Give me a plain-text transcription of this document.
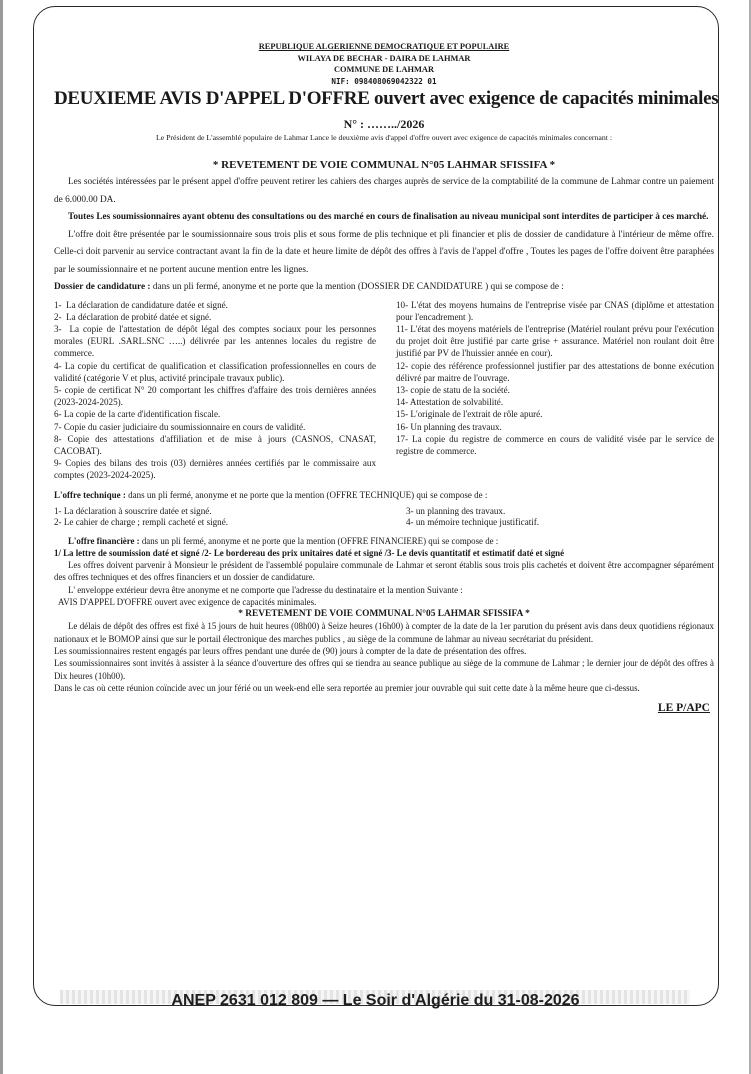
REPUBLIQUE ALGERIENNE DEMOCRATIQUE ET POPULAIRE
WILAYA DE BECHAR - DAIRA DE LAHMAR
COMMUNE DE LAHMAR
NIF: 098408069042322 01
DEUXIEME AVIS D'APPEL D'OFFRE ouvert avec exigence de capacités minimales
N° : ……../2026
Le Président de L'assemblé populaire de Lahmar Lance le deuxième avis d'appel d'offre ouvert avec exigence de capacités minimales concernant :
* REVETEMENT DE VOIE COMMUNAL N°05 LAHMAR SFISSIFA *

Les sociétés intéressées par le présent appel d'offre peuvent retirer les cahiers des charges auprès de service de la comptabilité de la commune de Lahmar contre un paiement de 6.000.00 DA.

Toutes Les soumissionnaires ayant obtenu des consultations ou des marché en cours de finalisation au niveau municipal sont interdites de participer à ces marché.

L'offre doit être présentée par le soumissionnaire sous trois plis et sous forme de plis technique et pli financier et plis de dossier de candidature à l'intérieur de même offre. Celle-ci doit parvenir au service contractant avant la fin de la date et heure limite de dépôt des offres à l'avis de l'appel d'offre , Toutes les pages de l'offre doivent être paraphées par le soumissionnaire et ne portent aucune mention entre les lignes.

Dossier de candidature : dans un pli fermé, anonyme et ne porte que la mention (DOSSIER DE CANDIDATURE ) qui se compose de :

1- La déclaration de candidature datée et signé.
2- La déclaration de probité datée et signé.
3- La copie de l'attestation de dépôt légal des comptes sociaux pour les personnes morales (EURL .SARL.SNC …..) délivrée par les antennes locales du registre de commerce.
4- La copie du certificat de qualification et classification professionnelles en cours de validité (catégorie V et plus, activité principale travaux public).
5- copie de certificat N° 20 comportant les chiffres d'affaire des trois dernières années (2023-2024-2025).
6- La copie de la carte d'identification fiscale.
7- Copie du casier judiciaire du soumissionnaire en cours de validité.
8- Copie des attestations d'affiliation et de mise à jours (CASNOS, CNASAT, CACOBAT).
9- Copies des bilans des trois (03) dernières années certifiés par le commissaire aux comptes (2023-2024-2025).
10- L'état des moyens humains de l'entreprise visée par CNAS (diplôme et attestation pour l'encadrement ).
11- L'état des moyens matériels de l'entreprise (Matériel roulant prévu pour l'exécution du projet doit être justifié par carte grise + assurance. Matériel non roulant doit être justifié par PV de l'huissier année en cour).
12- copie des référence professionnel justifier par des attestations de bonne exécution délivré par maitre de l'ouvrage.
13- copie de statu de la société.
14- Attestation de solvabilité.
15- L'originale de l'extrait de rôle apuré.
16- Un planning des travaux.
17- La copie du registre de commerce en cours de validité visée par le service de registre de commerce.

L'offre technique : dans un pli fermé, anonyme et ne porte que la mention (OFFRE TECHNIQUE) qui se compose de :

1- La déclaration à souscrire datée et signé.	3- un planning des travaux.
2- Le cahier de charge ; rempli cacheté et signé.	4- un mémoire technique justificatif.

L'offre financière : dans un pli fermé, anonyme et ne porte que la mention (OFFRE FINANCIERE) qui se compose de :

1/ La lettre de soumission daté et signé /2- Le bordereau des prix unitaires daté et signé /3- Le devis quantitatif et estimatif daté et signé

Les offres doivent parvenir à Monsieur le président de l'assemblé populaire communale de Lahmar et seront établis sous trois plis cachetés et doivent être accompagner séparément des offres techniques et des offres financiers et un dossier de candidature.

L' enveloppe extérieur devra être anonyme et ne comporte que l'adresse du destinataire et la mention Suivante :

AVIS D'APPEL D'OFFRE ouvert avec exigence de capacités minimales.

* REVETEMENT DE VOIE COMMUNAL N°05 LAHMAR SFISSIFA *

Le délais de dépôt des offres est fixé à 15 jours de huit heures (08h00) à Seize heures (16h00) à compter de la date de la 1er parution du présent avis dans deux quotidiens régionaux nationaux et le BOMOP ainsi que sur le portail électronique des marches publics , au siège de la commune de lahmar au niveau secrétariat du président.

Les soumissionnaires restent engagés par leurs offres pendant une durée de (90) jours à compter de la date de présentation des offres.

Les soumissionnaires sont invités à assister à la séance d'ouverture des offres qui se tiendra au seance publique au siège de la commune de Lahmar ; le dernier jour de dépôt des offres à Dix heures (10h00).

Dans le cas où cette réunion coïncide avec un jour férié ou un week-end elle sera reportée au premier jour ouvrable qui suit cette date à la même heure que ci-dessus.

LE P/APC
ANEP 2631 012 809 — Le Soir d'Algérie du 31-08-2026
